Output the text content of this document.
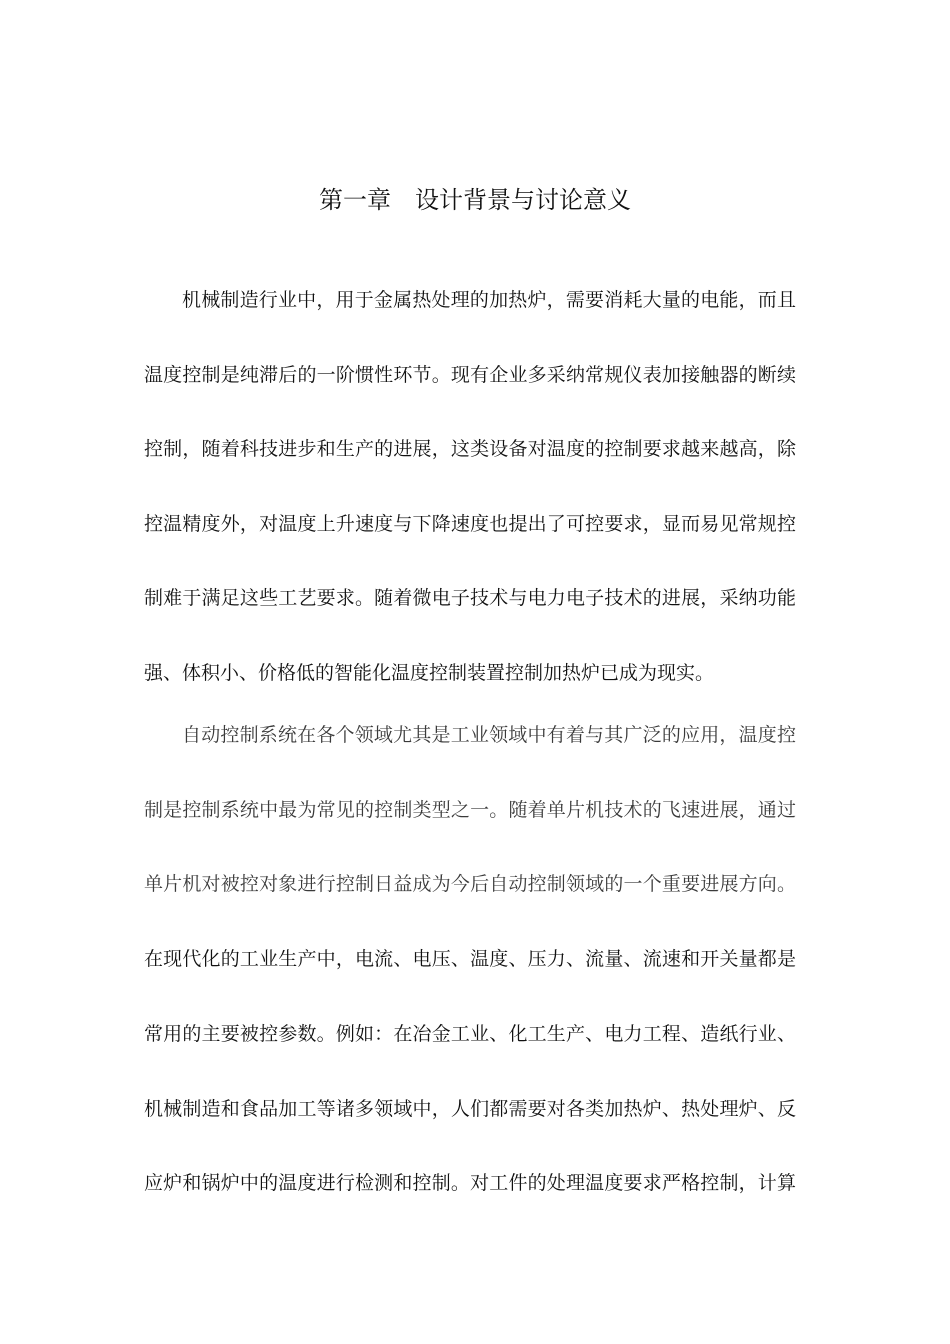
第一章　设计背景与讨论意义
机械制造行业中，用于金属热处理的加热炉，需要消耗大量的电能，而且
温度控制是纯滞后的一阶惯性环节。现有企业多采纳常规仪表加接触器的断续
控制，随着科技进步和生产的进展，这类设备对温度的控制要求越来越高，除
控温精度外，对温度上升速度与下降速度也提出了可控要求，显而易见常规控
制难于满足这些工艺要求。随着微电子技术与电力电子技术的进展，采纳功能
强、体积小、价格低的智能化温度控制装置控制加热炉已成为现实。
自动控制系统在各个领域尤其是工业领域中有着与其广泛的应用，温度控
制是控制系统中最为常见的控制类型之一。随着单片机技术的飞速进展，通过
单片机对被控对象进行控制日益成为今后自动控制领域的一个重要进展方向。
在现代化的工业生产中，电流、电压、温度、压力、流量、流速和开关量都是
常用的主要被控参数。例如：在冶金工业、化工生产、电力工程、造纸行业、
机械制造和食品加工等诸多领域中，人们都需要对各类加热炉、热处理炉、反
应炉和锅炉中的温度进行检测和控制。对工件的处理温度要求严格控制，计算
